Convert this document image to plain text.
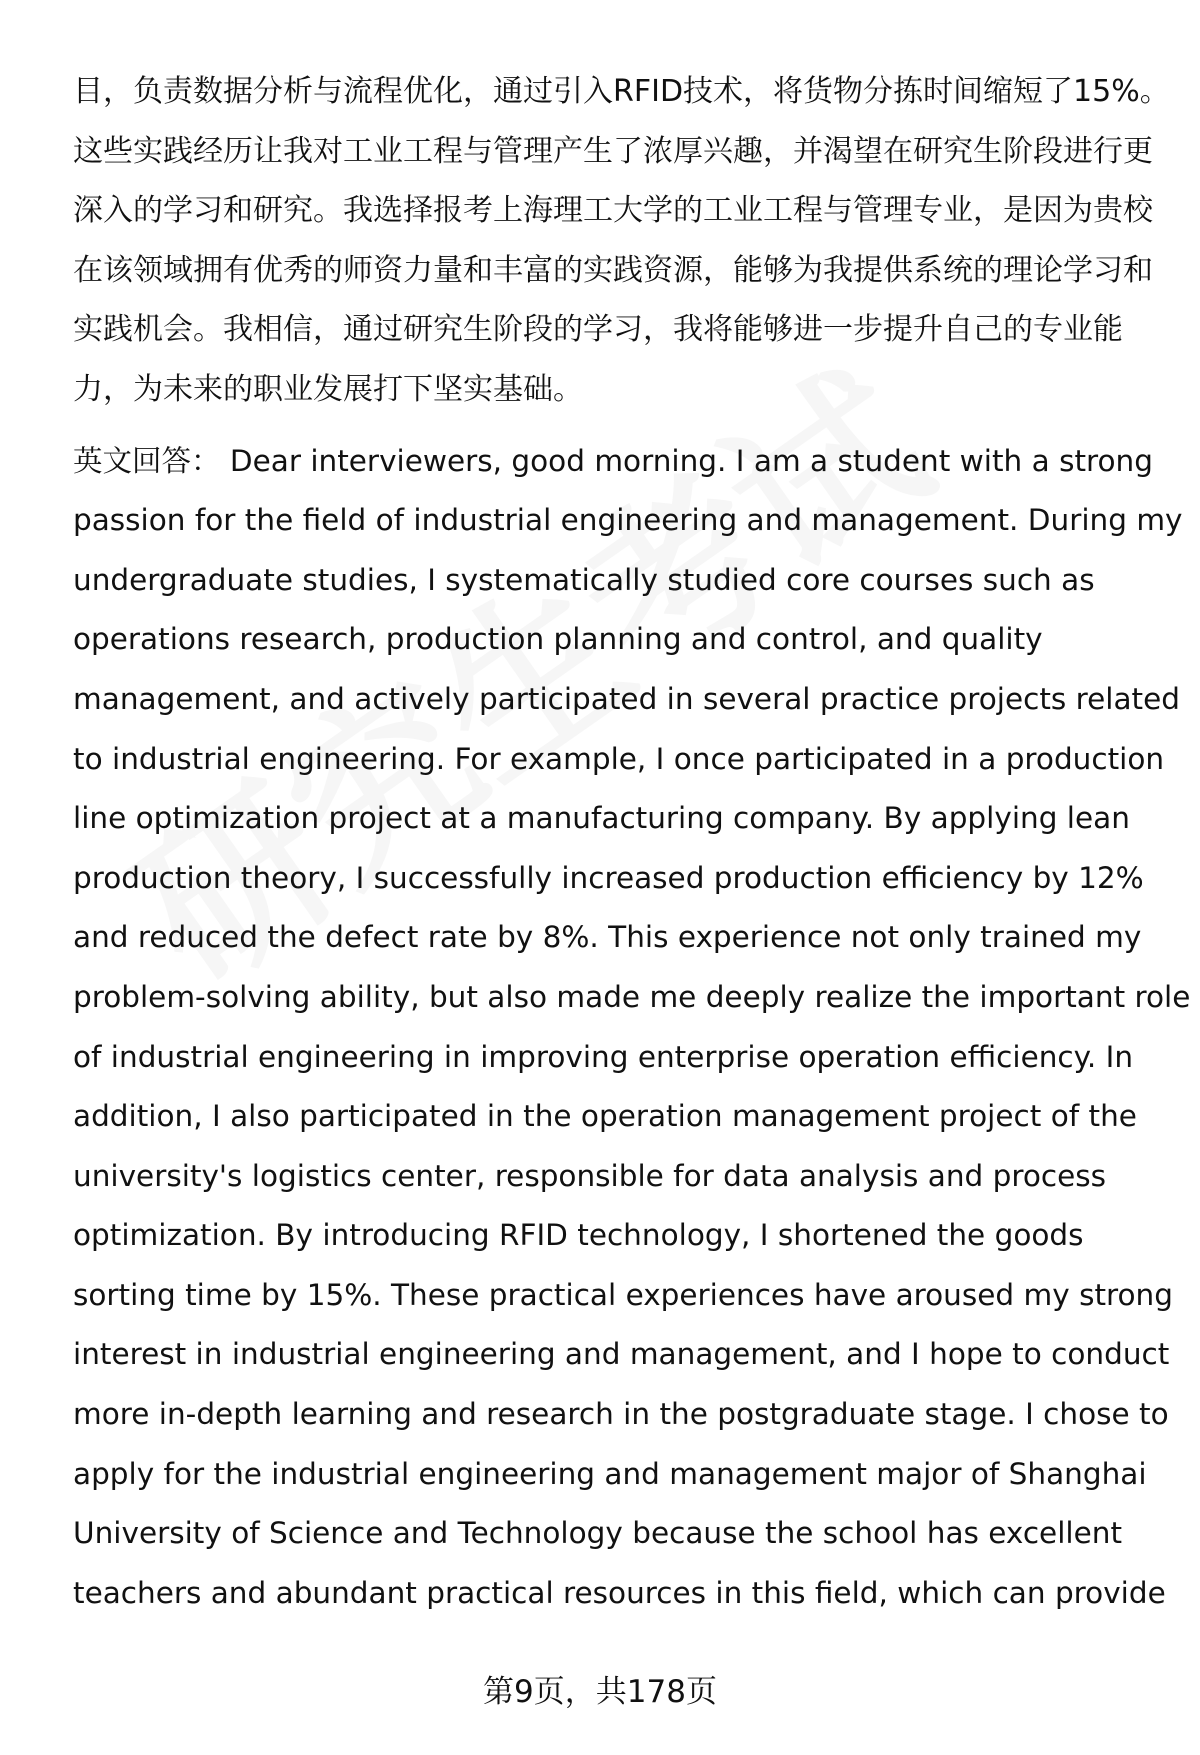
目，负责数据分析与流程优化，通过引入RFID技术，将货物分拣时间缩短了15%。
这些实践经历让我对工业工程与管理产生了浓厚兴趣，并渴望在研究生阶段进行更
深入的学习和研究。我选择报考上海理工大学的工业工程与管理专业，是因为贵校
在该领域拥有优秀的师资力量和丰富的实践资源，能够为我提供系统的理论学习和
实践机会。我相信，通过研究生阶段的学习，我将能够进一步提升自己的专业能
力，为未来的职业发展打下坚实基础。
英文回答： Dear interviewers, good morning. I am a student with a strong
passion for the field of industrial engineering and management. During my
undergraduate studies, I systematically studied core courses such as
operations research, production planning and control, and quality
management, and actively participated in several practice projects related
to industrial engineering. For example, I once participated in a production
line optimization project at a manufacturing company. By applying lean
production theory, I successfully increased production efficiency by 12%
and reduced the defect rate by 8%. This experience not only trained my
problem-solving ability, but also made me deeply realize the important role
of industrial engineering in improving enterprise operation efficiency. In
addition, I also participated in the operation management project of the
university's logistics center, responsible for data analysis and process
optimization. By introducing RFID technology, I shortened the goods
sorting time by 15%. These practical experiences have aroused my strong
interest in industrial engineering and management, and I hope to conduct
more in-depth learning and research in the postgraduate stage. I chose to
apply for the industrial engineering and management major of Shanghai
University of Science and Technology because the school has excellent
teachers and abundant practical resources in this field, which can provide
第9页，共178页
